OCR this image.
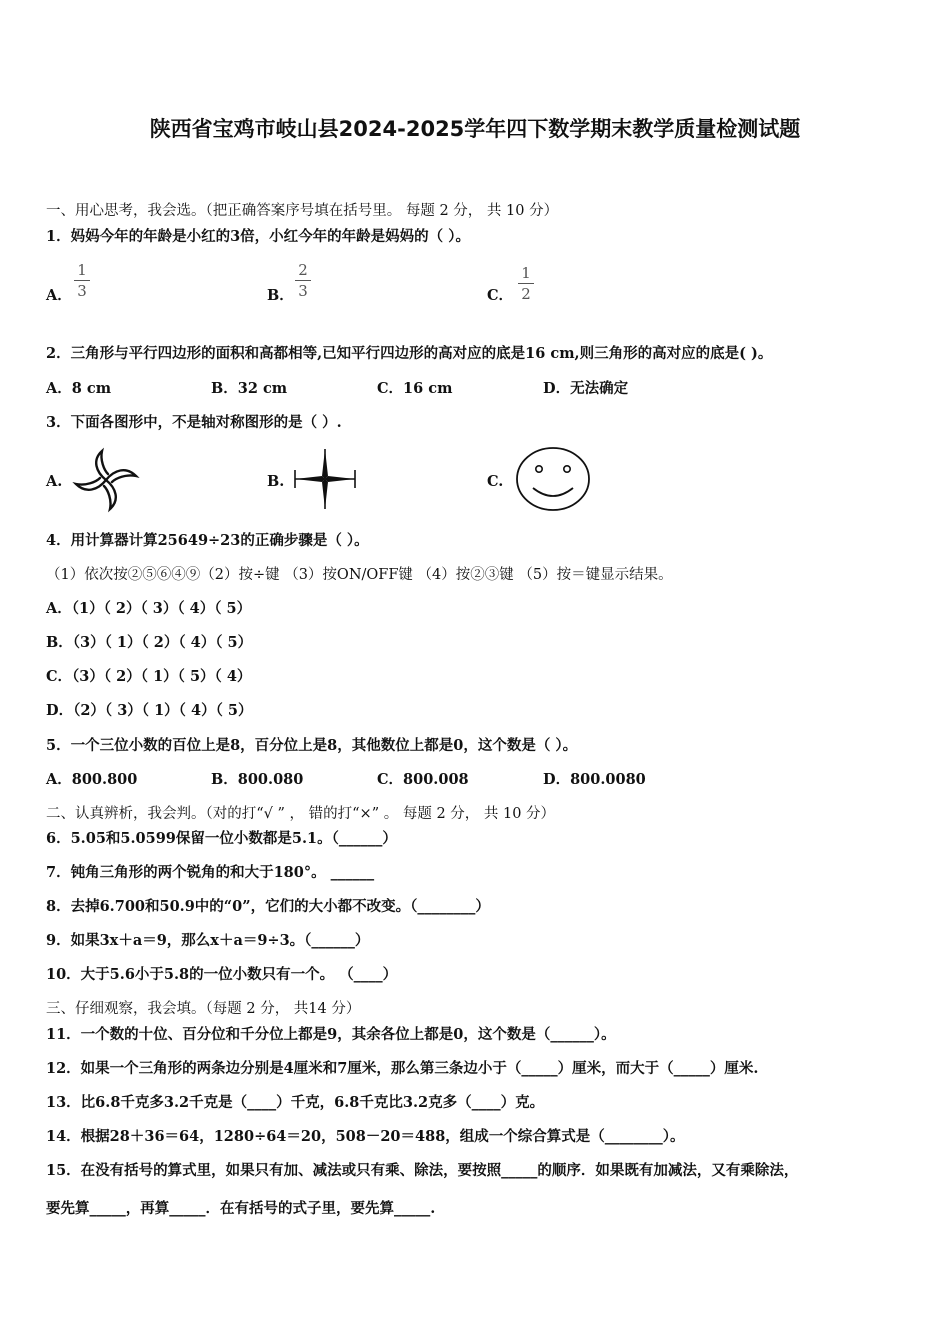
陕西省宝鸡市岐山县2024-2025学年四下数学期末教学质量检测试题
一、用心思考，我会选。（把正确答案序号填在括号里。 每题 2 分， 共 10 分）
1．妈妈今年的年龄是小红的3倍，小红今年的年龄是妈妈的（ ）。
A．
1
3	B．
2
3	C．
1
2
2．三角形与平行四边形的面积和高都相等,已知平行四边形的高对应的底是16 cm,则三角形的高对应的底是( )。
A．8 cm	B．32 cm	C．16 cm	D．无法确定
3．下面各图形中，不是轴对称图形的是（ ）.
A.	B.	C.
4．用计算器计算25649÷23的正确步骤是（ ）。
（1）依次按②⑤⑥④⑨（2）按÷键 （3）按ON/OFF键 （4）按②③键 （5）按＝键显示结果。
A．（1）（ 2）（ 3）（ 4）（ 5）
B．（3）（ 1）（ 2）（ 4）（ 5）
C．（3）（ 2）（ 1）（ 5）（ 4）
D．（2）（ 3）（ 1）（ 4）（ 5）
5．一个三位小数的百位上是8，百分位上是8，其他数位上都是0，这个数是（ ）。
A．800.800	B．800.080	C．800.008	D．800.0080
二、认真辨析，我会判。（对的打“√ ” ， 错的打“×” 。 每题 2 分， 共 10 分）
6．5.05和5.0599保留一位小数都是5.1。（______）
7．钝角三角形的两个锐角的和大于180°。 ______
8．去掉6.700和50.9中的“0”，它们的大小都不改变。（________）
9．如果3x＋a＝9，那么x＋a＝9÷3。（______）
10．大于5.6小于5.8的一位小数只有一个。 （____）
三、仔细观察，我会填。（每题 2 分， 共14 分）
11．一个数的十位、百分位和千分位上都是9，其余各位上都是0，这个数是（______）。
12．如果一个三角形的两条边分别是4厘米和7厘米，那么第三条边小于（_____）厘米，而大于（_____）厘米.
13．比6.8千克多3.2千克是（____）千克，6.8千克比3.2克多（____）克。
14．根据28＋36＝64，1280÷64＝20，508－20＝488，组成一个综合算式是（________）。
15．在没有括号的算式里，如果只有加、减法或只有乘、除法，要按照_____的顺序．如果既有加减法，又有乘除法，
要先算_____，再算_____．在有括号的式子里，要先算_____.
